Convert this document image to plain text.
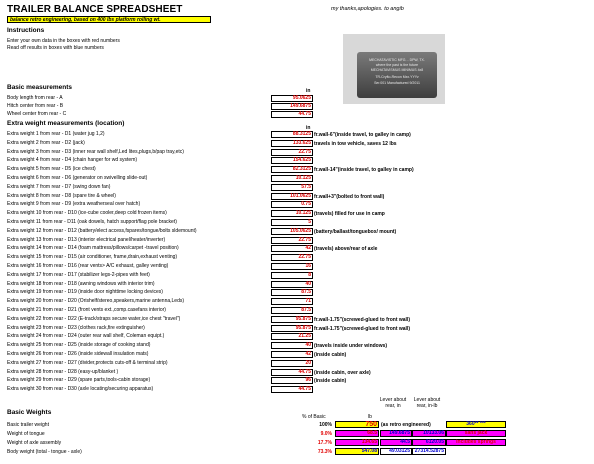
TRAILER BALANCE SPREADSHEET	my thanks,apologies. to angib
balance retro engineering, based on 400 lbs platform rolling wt.
Instructions
Enter your own data in the boxes with red numbers
Read off results in boxes with blue numbers
MECHATAVISTIC MFG. - DPW, TX.
where the past is the future
MECHATAVISMUS MINIMUS 4x8
TR-Cryfto-Recon Mxx.YYYv
Ser.001 Manufactured 9/2011
Basic measurements	in
Body length from rear - A	95.0625
Hitch center from rear - B	149.6875
Wheel center from rear - C	44.75
Extra weight measurements (location)
in
Extra weight 1 from rear - D1 (water jug 1,2)	88.3125 fr.wall-6"(inside travel, to galley in camp)
Extra weight 2 from rear - D2 (jack)	133.625 travels in tow vehicle, saves 12 lbs
Extra weight 3 from rear - D3 (inner rear wall shelf,Led lites,plugs,b/pap tray,etc)	22.75
Extra weight 4 from rear - D4 (chain hanger for wd system)	154.625
Extra weight 5 from rear - D5 (ice chest)	82.3125 fr.wall-14"(inside travel, to galley in camp)
Extra weight 6 from rear - D6 (generator on swivelling slide-out)	10.125
Extra weight 7 from rear - D7 (swing down fan)	57.5
Extra weight 8 from rear - D8 (spare tire & wheel)	101.0625 fr.wall+3"(bolted to front wall)
Extra weight 9 from rear - D9 (extra weatherseal over hatch)	0.75
Extra weight 10 from rear - D10 (ice-cube cooler,deep cold frozen items)	10.125 (travels) filled for use in camp
Extra weight 11 from rear - D11 (oak dowels, hatch support/flag pole bracket)	5
Extra weight 12 from rear - D12 (battery/elect access,fspares/tongue/bolts sldemount)	105.0625 (battery/ballast/tonguebox/ mount)
Extra weight 13 from rear - D13 (interior electrical panel/heater/inverter)	22.75
Extra weight 14 from rear - D14 (foam mattress/pillows/carpet -travel position)	42 (travels) above/rear of axle
Extra weight 15 from rear - D15 (air conditioner, frame,drain,exhaust venting)	22.75
Extra weight 16 from rear - D16 (rear vents> A/C exhaust, galley venting)	16
Extra weight 17 from rear - D17 (stabilizer legs-2-pipes with feet)	8
Extra weight 18 from rear - D18 (awning windows with interior trim)	40
Extra weight 19 from rear - D19 (inside door nighttime locking devices)	87.5
Extra weight 20 from rear - D20 (Orishelf/stereo,speakers,marine antenna,Leds)	71
Extra weight 21 from rear - D21 (front vents ext.,comp.casefans interior)	87.5
Extra weight 22 from rear - D22 (E-track/straps secure water,ice chest "travel")	95.875 fr.wall-1.75"(screwed-glued to front wall)
Extra weight 23 from rear - D23 (clothes rack,fire extinguisher)	95.875 fr.wall-1.75"(screwed-glued to front wall)
Extra weight 24 from rear - D24 (outer rear wall shelf, Coleman equipt.)	21.25
Extra weight 25 from rear - D25 (inside storage of cooking stand)	40 (travels inside under windows)
Extra weight 26 from rear - D26 (inside sidewall insulation mats)	42 (inside cabin)
Extra weight 27 from rear - D27 (divider,protects cuts-off & terminal strip)	20
Extra weight 28 from rear - D28 (easy-up/blanket )	44.75 (inside cabin, over axle)
Extra weight 29 from rear - D29 (spare parts,tools-cabin storage)	96 (inside cabin)
Extra weight 30 from rear - D30 (axle locating/securing apparatus)	44.75
Basic Weights
% of Basic	lb
Lever about rear, in
Lever about rear, in-lb
Basic trailer weight	100%	750 (as retro engineered)	360** ***
Weight of tongue	9.0%	68.5	149.6875	10133.06	sans jack
Weight of axle assembly	17.7%	134.65	44.5	6120.05	includes springs
Body weight (total - tongue - axle)	73.3%	547.08	49.03125 27314.52875
